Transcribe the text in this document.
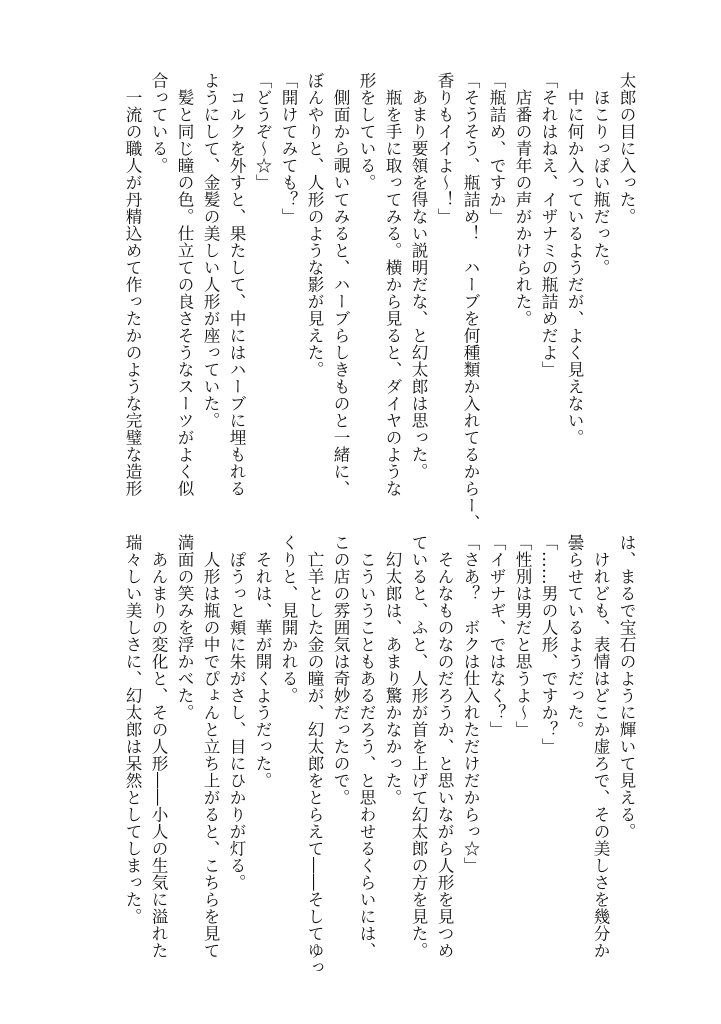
太郎の目に入った。
　ほこりっぽい瓶だった。
　中に何か入っているようだが、よく見えない。
「それはねえ、イザナミの瓶詰めだよ」
　店番の青年の声がかけられた。
「瓶詰め、ですか」
「そうそう、瓶詰め！　ハーブを何種類か入れてるからー、
香りもイイよ〜！」
　あまり要領を得ない説明だな、と幻太郎は思った。
　瓶を手に取ってみる。横から見ると、ダイヤのような
形をしている。
　側面から覗いてみると、ハーブらしきものと一緒に、
ぼんやりと、人形のような影が見えた。
「開けてみても？」
「どうぞ〜☆」
　コルクを外すと、果たして、中にはハーブに埋もれる
ようにして、金髪の美しい人形が座っていた。
　髪と同じ瞳の色。仕立ての良さそうなスーツがよく似
合っている。
　一流の職人が丹精込めて作ったかのような完璧な造形
は、まるで宝石のように輝いて見える。
　けれども、表情はどこか虚ろで、その美しさを幾分か
曇らせているようだった。
「……男の人形、ですか？」
「性別は男だと思うよ〜」
「イザナギ、ではなく？」
「さあ？　ボクは仕入れただけだからっ☆」
　そんなものなのだろうか、と思いながら人形を見つめ
ていると、ふと、人形が首を上げて幻太郎の方を見た。
　幻太郎は、あまり驚かなかった。
　こういうこともあるだろう、と思わせるくらいには、
この店の雰囲気は奇妙だったので。
　亡羊とした金の瞳が、幻太郎をとらえて――そしてゆっ
くりと、見開かれる。
　それは、華が開くようだった。
　ぽうっと頬に朱がさし、目にひかりが灯る。
　人形は瓶の中でぴょんと立ち上がると、こちらを見て
満面の笑みを浮かべた。
　あんまりの変化と、その人形――小人の生気に溢れた
瑞々しい美しさに、幻太郎は呆然としてしまった。
